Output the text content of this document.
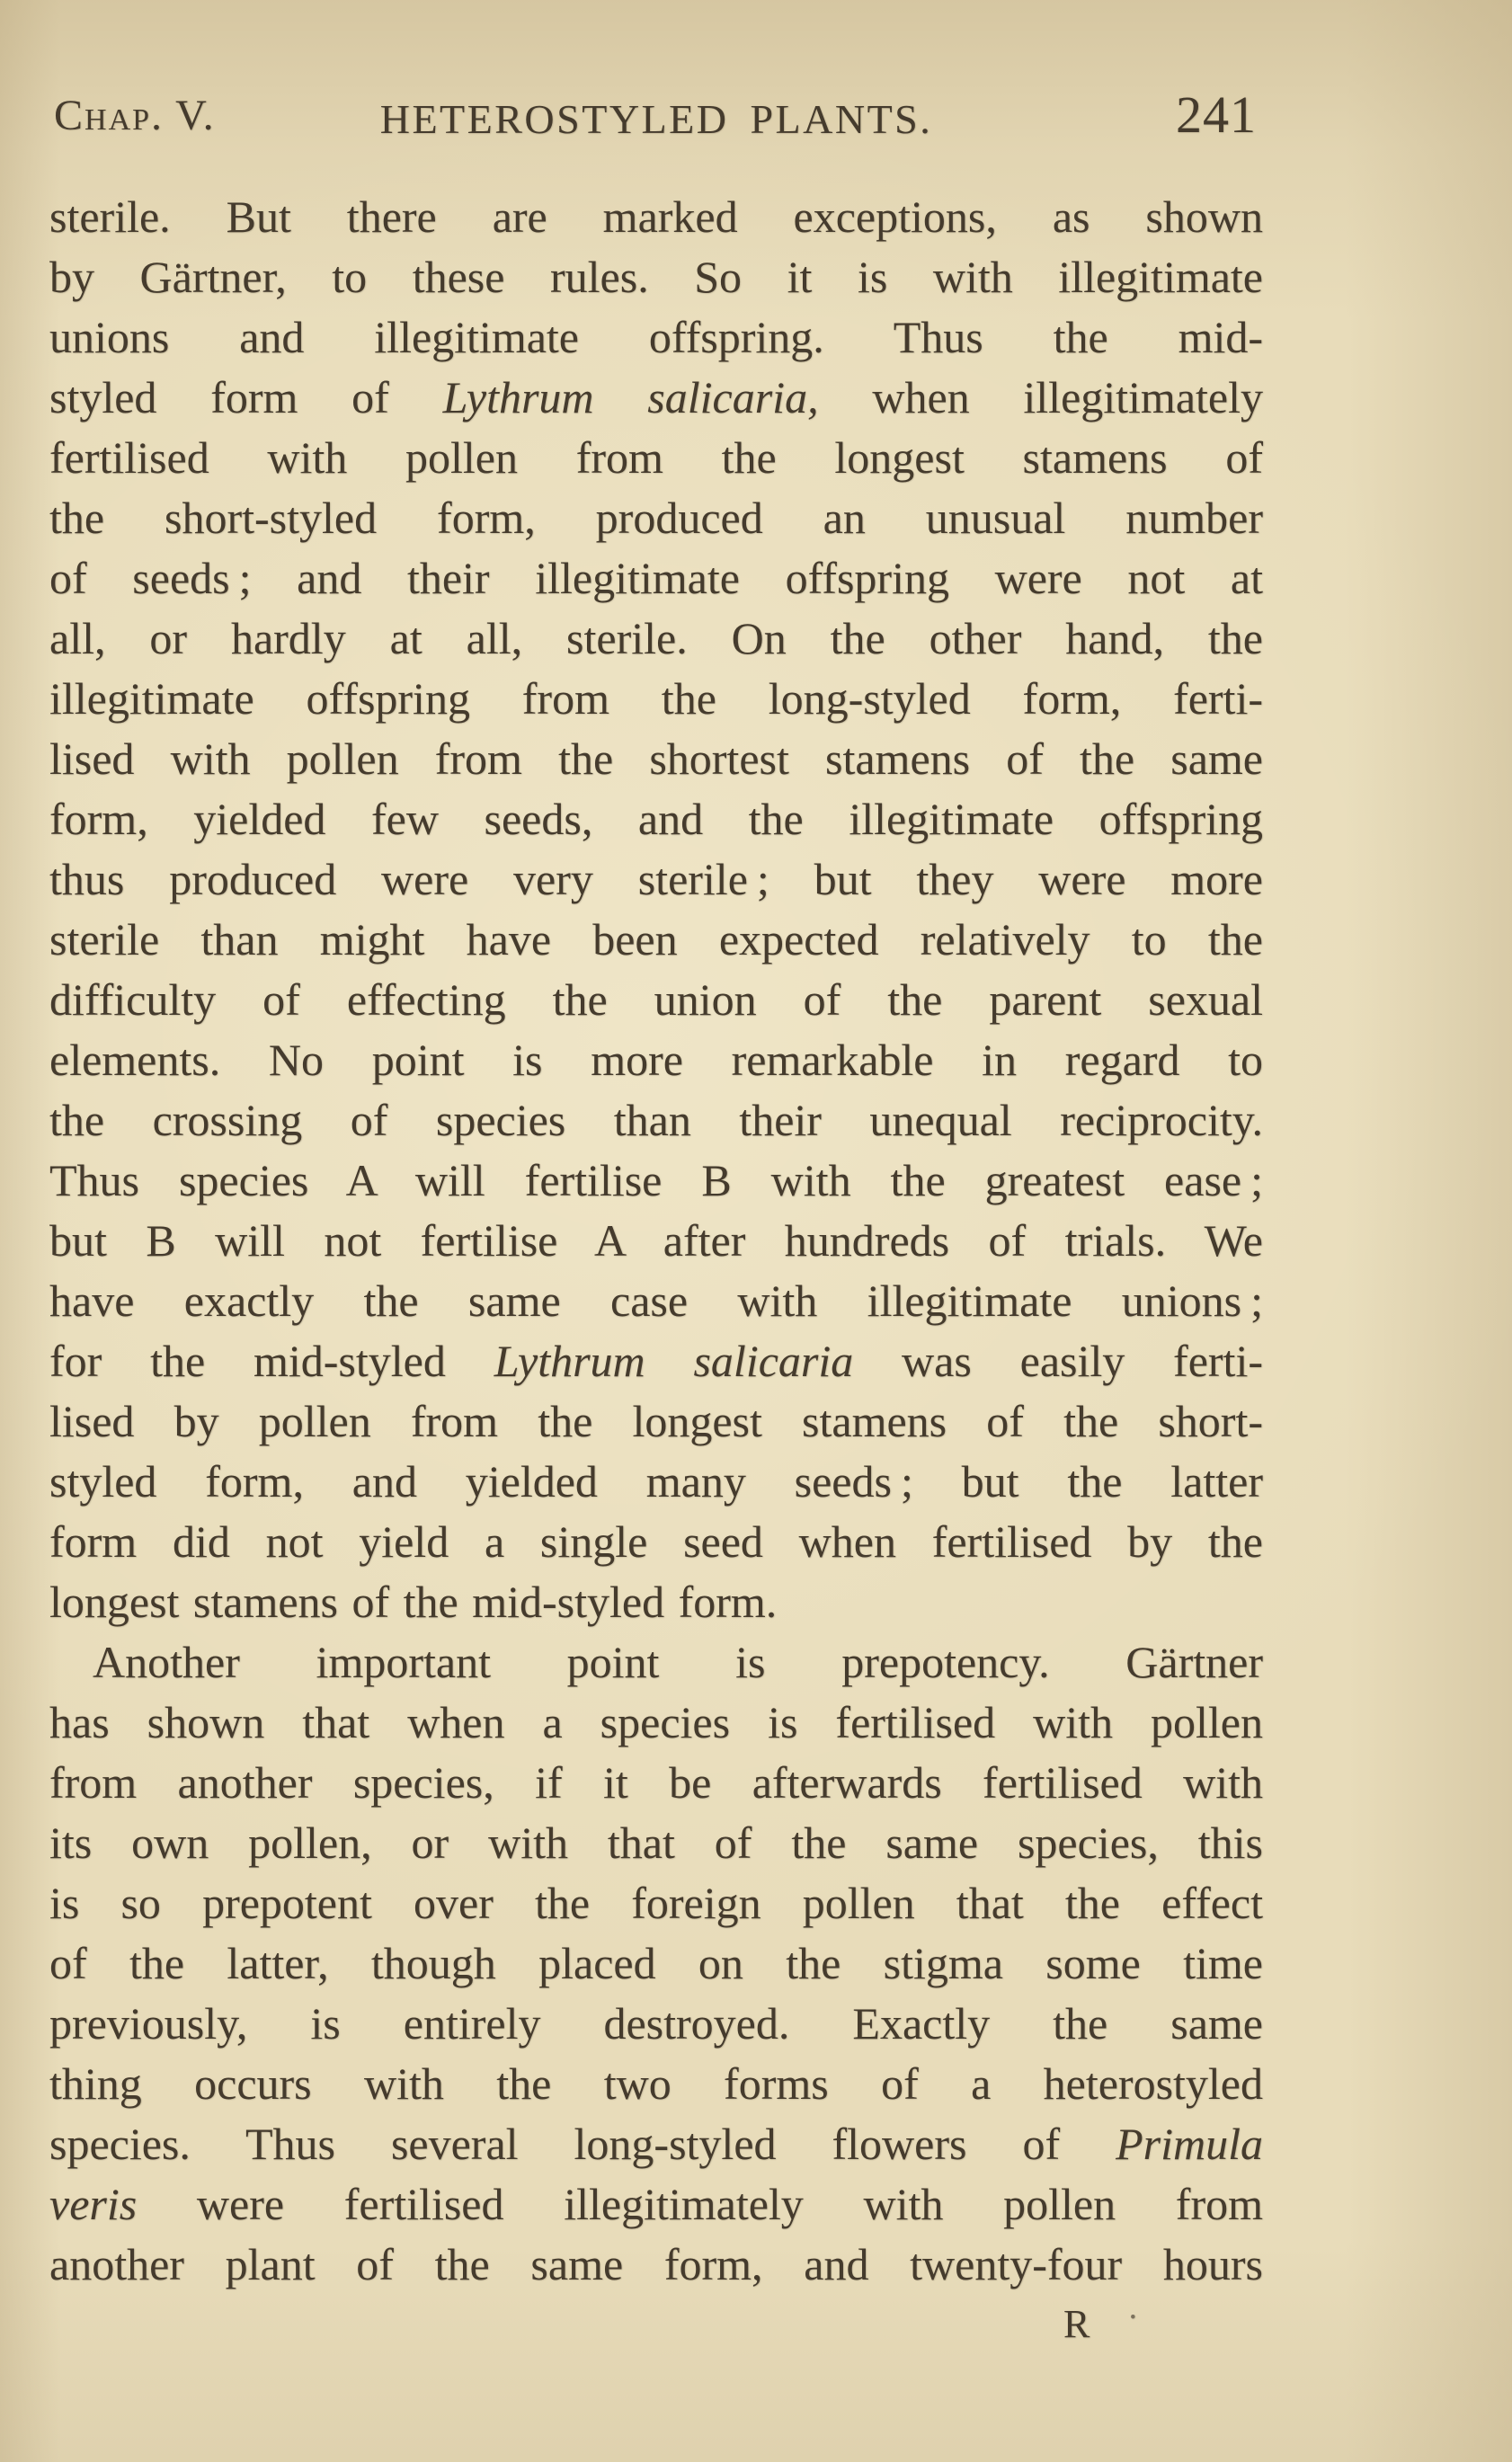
Chap. V.	HETEROSTYLED PLANTS.	241
sterile. But there are marked exceptions, as shown
by Gärtner, to these rules. So it is with illegitimate
unions and illegitimate offspring. Thus the mid-
styled form of Lythrum salicaria, when illegitimately
fertilised with pollen from the longest stamens of
the short-styled form, produced an unusual number
of seeds ; and their illegitimate offspring were not at
all, or hardly at all, sterile. On the other hand, the
illegitimate offspring from the long-styled form, ferti-
lised with pollen from the shortest stamens of the same
form, yielded few seeds, and the illegitimate offspring
thus produced were very sterile ; but they were more
sterile than might have been expected relatively to the
difficulty of effecting the union of the parent sexual
elements. No point is more remarkable in regard to
the crossing of species than their unequal reciprocity.
Thus species A will fertilise B with the greatest ease ;
but B will not fertilise A after hundreds of trials. We
have exactly the same case with illegitimate unions ;
for the mid-styled Lythrum salicaria was easily ferti-
lised by pollen from the longest stamens of the short-
styled form, and yielded many seeds ; but the latter
form did not yield a single seed when fertilised by the
longest stamens of the mid-styled form.
Another important point is prepotency. Gärtner
has shown that when a species is fertilised with pollen
from another species, if it be afterwards fertilised with
its own pollen, or with that of the same species, this
is so prepotent over the foreign pollen that the effect
of the latter, though placed on the stigma some time
previously, is entirely destroyed. Exactly the same
thing occurs with the two forms of a heterostyled
species. Thus several long-styled flowers of Primula
veris were fertilised illegitimately with pollen from
another plant of the same form, and twenty-four hours
R ·
